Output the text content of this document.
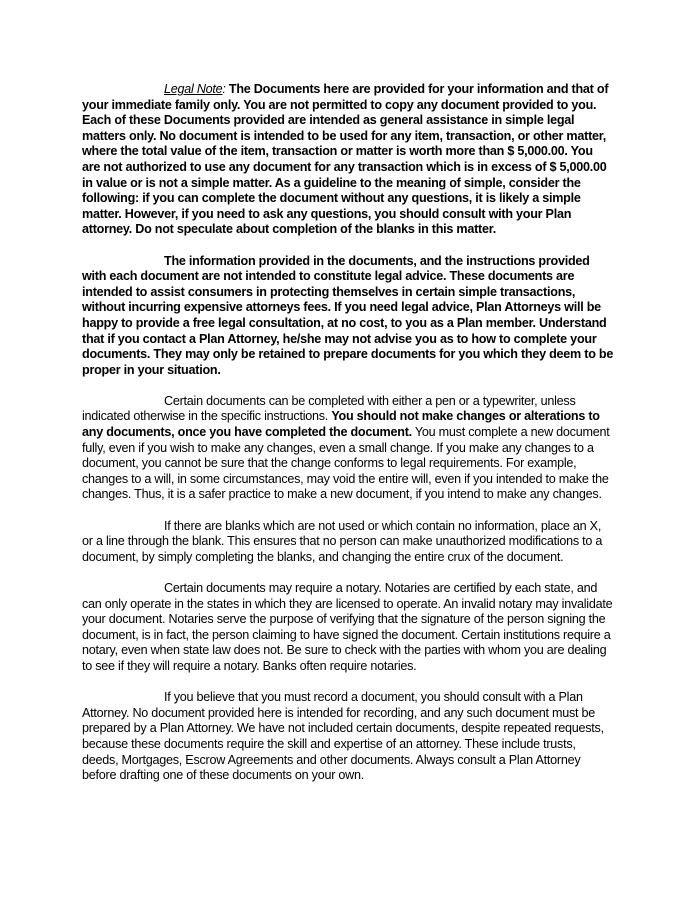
Legal Note: The Documents here are provided for your information and that of your immediate family only. You are not permitted to copy any document provided to you. Each of these Documents provided are intended as general assistance in simple legal matters only. No document is intended to be used for any item, transaction, or other matter, where the total value of the item, transaction or matter is worth more than $ 5,000.00. You are not authorized to use any document for any transaction which is in excess of $ 5,000.00 in value or is not a simple matter. As a guideline to the meaning of simple, consider the following: if you can complete the document without any questions, it is likely a simple matter. However, if you need to ask any questions, you should consult with your Plan attorney. Do not speculate about completion of the blanks in this matter.

The information provided in the documents, and the instructions provided with each document are not intended to constitute legal advice. These documents are intended to assist consumers in protecting themselves in certain simple transactions, without incurring expensive attorneys fees. If you need legal advice, Plan Attorneys will be happy to provide a free legal consultation, at no cost, to you as a Plan member. Understand that if you contact a Plan Attorney, he/she may not advise you as to how to complete your documents. They may only be retained to prepare documents for you which they deem to be proper in your situation.

Certain documents can be completed with either a pen or a typewriter, unless indicated otherwise in the specific instructions. You should not make changes or alterations to any documents, once you have completed the document. You must complete a new document fully, even if you wish to make any changes, even a small change. If you make any changes to a document, you cannot be sure that the change conforms to legal requirements. For example, changes to a will, in some circumstances, may void the entire will, even if you intended to make the changes. Thus, it is a safer practice to make a new document, if you intend to make any changes.

If there are blanks which are not used or which contain no information, place an X, or a line through the blank. This ensures that no person can make unauthorized modifications to a document, by simply completing the blanks, and changing the entire crux of the document.

Certain documents may require a notary. Notaries are certified by each state, and can only operate in the states in which they are licensed to operate. An invalid notary may invalidate your document. Notaries serve the purpose of verifying that the signature of the person signing the document, is in fact, the person claiming to have signed the document. Certain institutions require a notary, even when state law does not. Be sure to check with the parties with whom you are dealing to see if they will require a notary. Banks often require notaries.

If you believe that you must record a document, you should consult with a Plan Attorney. No document provided here is intended for recording, and any such document must be prepared by a Plan Attorney. We have not included certain documents, despite repeated requests, because these documents require the skill and expertise of an attorney. These include trusts, deeds, Mortgages, Escrow Agreements and other documents. Always consult a Plan Attorney before drafting one of these documents on your own.
